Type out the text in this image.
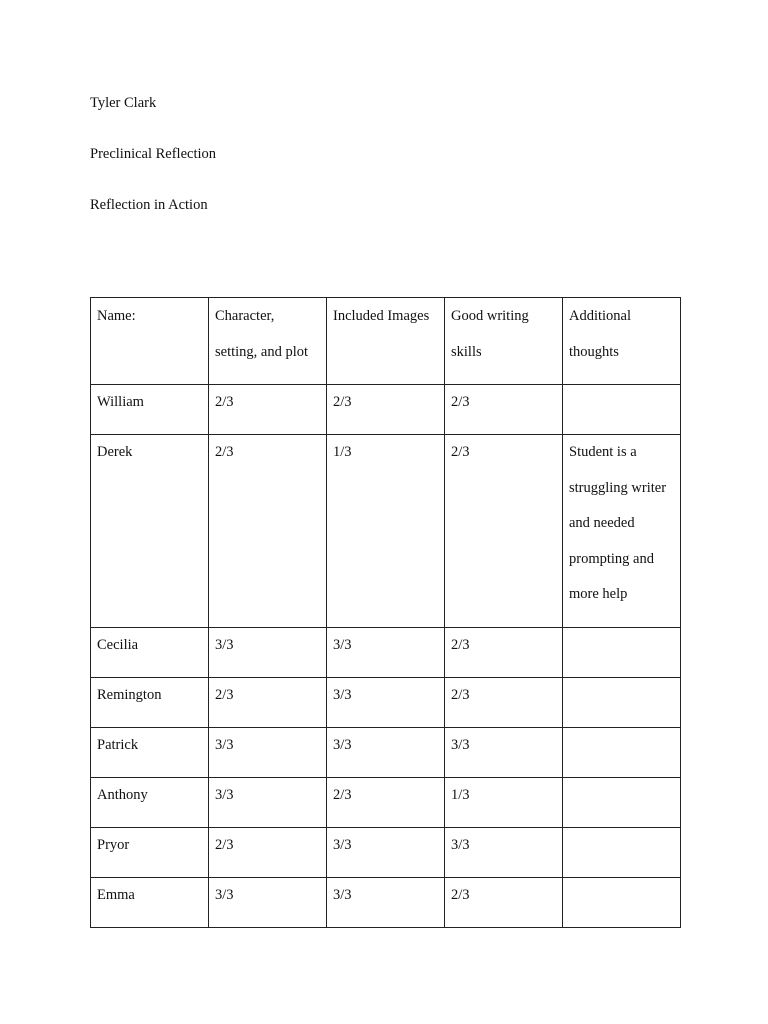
Tyler Clark

Preclinical Reflection

Reflection in Action

Name:	Character, setting, and plot	Included Images	Good writing skills	Additional thoughts

William	2/3	2/3	2/3	
Derek	2/3	1/3	2/3	Student is a struggling writer and needed prompting and more help
Cecilia	3/3	3/3	2/3	
Remington	2/3	3/3	2/3	
Patrick	3/3	3/3	3/3	
Anthony	3/3	2/3	1/3	
Pryor	2/3	3/3	3/3	
Emma	3/3	3/3	2/3	
